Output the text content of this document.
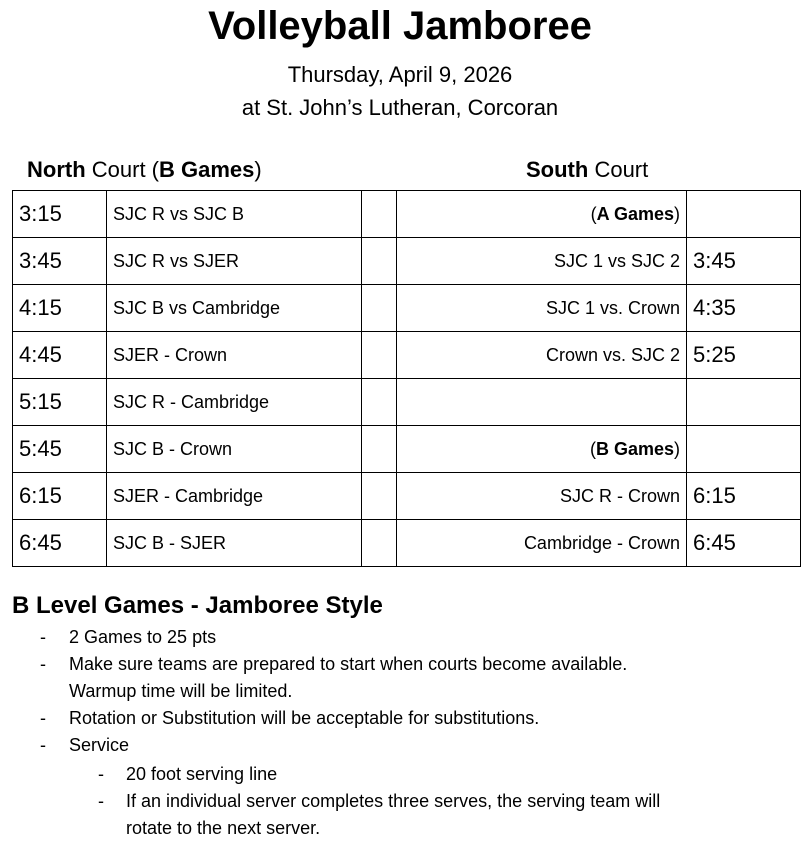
Volleyball Jamboree
Thursday, April 9, 2026
at St. John’s Lutheran, Corcoran
North Court (B Games)	South Court
3:15	SJC R vs SJC B		(A Games)	
3:45	SJC R vs SJER		SJC 1 vs SJC 2	3:45
4:15	SJC B vs Cambridge		SJC 1 vs. Crown	4:35
4:45	SJER - Crown		Crown vs. SJC 2	5:25
5:15	SJC R - Cambridge			
5:45	SJC B - Crown		(B Games)	
6:15	SJER - Cambridge		SJC R - Crown	6:15
6:45	SJC B - SJER		Cambridge - Crown	6:45
B Level Games - Jamboree Style
- 2 Games to 25 pts
- Make sure teams are prepared to start when courts become available.
Warmup time will be limited.
- Rotation or Substitution will be acceptable for substitutions.
- Service
- 20 foot serving line
- If an individual server completes three serves, the serving team will
rotate to the next server.
